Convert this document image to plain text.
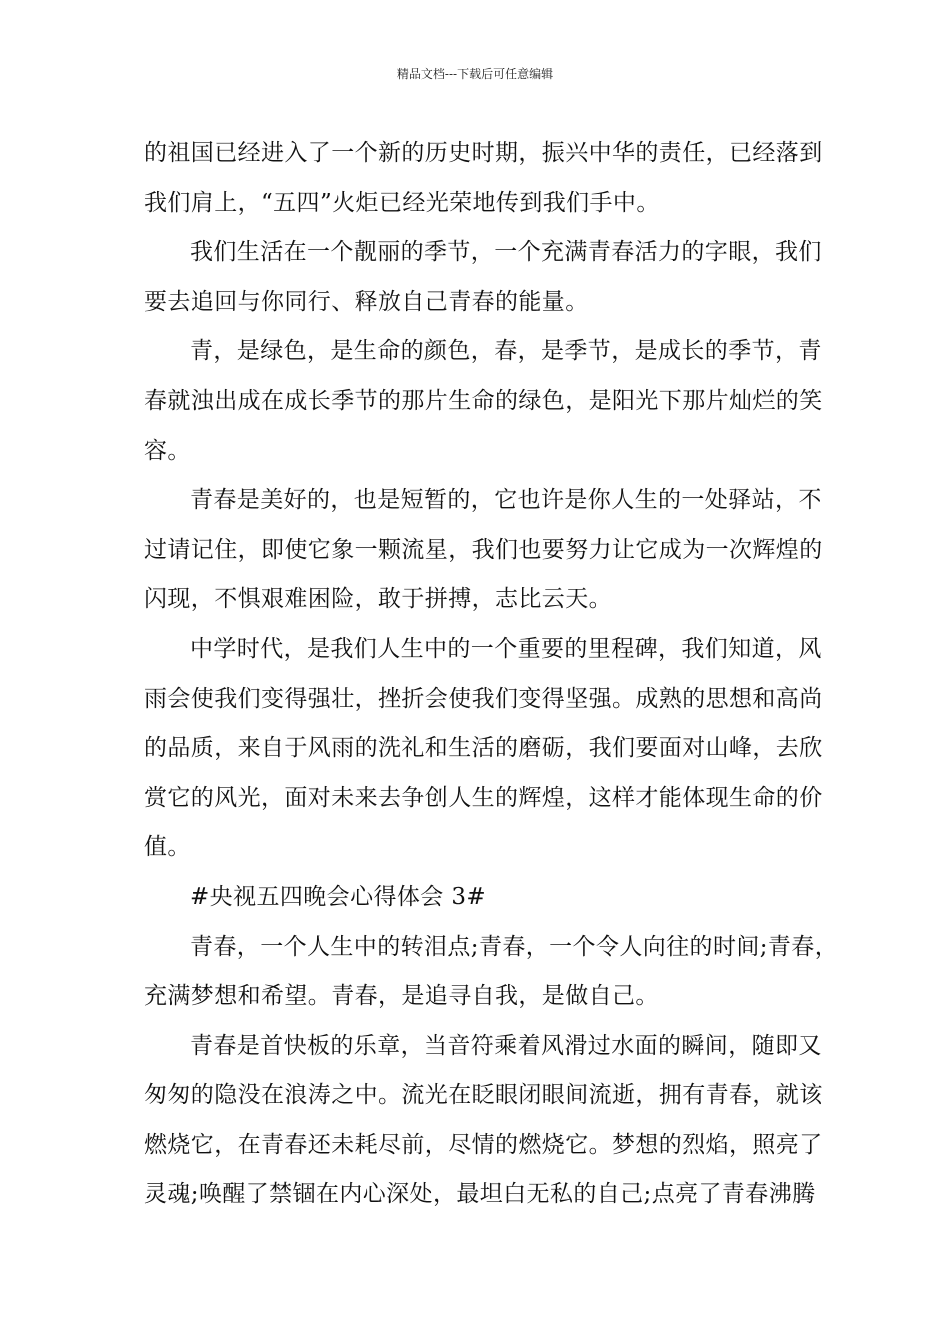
精品文档---下载后可任意编辑
的祖国已经进入了一个新的历史时期，振兴中华的责任，已经落到
我们肩上，“五四”火炬已经光荣地传到我们手中。
我们生活在一个靓丽的季节，一个充满青春活力的字眼，我们
要去追回与你同行、释放自己青春的能量。
青，是绿色，是生命的颜色，春，是季节，是成长的季节，青
春就浊出成在成长季节的那片生命的绿色，是阳光下那片灿烂的笑
容。
青春是美好的，也是短暂的，它也许是你人生的一处驿站，不
过请记住，即使它象一颗流星，我们也要努力让它成为一次辉煌的
闪现，不惧艰难困险，敢于拼搏，志比云天。
中学时代，是我们人生中的一个重要的里程碑，我们知道，风
雨会使我们变得强壮，挫折会使我们变得坚强。成熟的思想和高尚
的品质，来自于风雨的洗礼和生活的磨砺，我们要面对山峰，去欣
赏它的风光，面对未来去争创人生的辉煌，这样才能体现生命的价
值。
#央视五四晚会心得体会 3#
青春，一个人生中的转泪点;青春，一个令人向往的时间;青春，
充满梦想和希望。青春，是追寻自我，是做自己。
青春是首快板的乐章，当音符乘着风滑过水面的瞬间，随即又
匆匆的隐没在浪涛之中。流光在眨眼闭眼间流逝，拥有青春，就该
燃烧它，在青春还未耗尽前，尽情的燃烧它。梦想的烈焰，照亮了
灵魂;唤醒了禁锢在内心深处，最坦白无私的自己;点亮了青春沸腾
